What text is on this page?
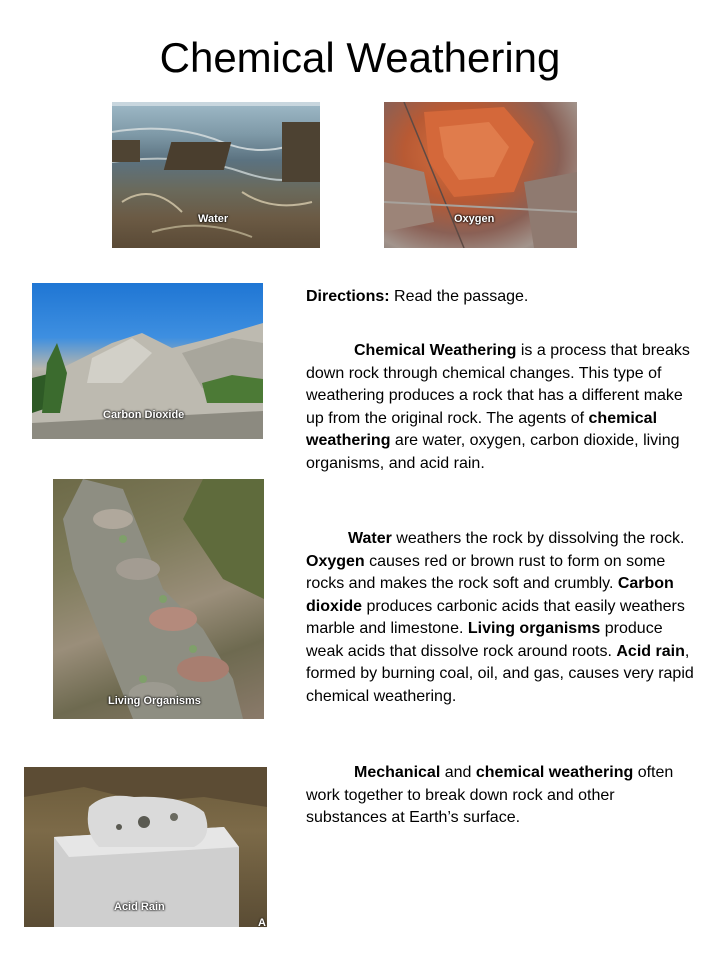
Chemical Weathering
Water	Oxygen
Carbon Dioxide
Living Organisms
Acid Rain
A

Directions: Read the passage.

Chemical Weathering is a process that breaks down rock through chemical changes. This type of weathering produces a rock that has a different make up from the original rock. The agents of chemical weathering are water, oxygen, carbon dioxide, living organisms, and acid rain.

Water weathers the rock by dissolving the rock. Oxygen causes red or brown rust to form on some rocks and makes the rock soft and crumbly. Carbon dioxide produces carbonic acids that easily weathers marble and limestone. Living organisms produce weak acids that dissolve rock around roots. Acid rain, formed by burning coal, oil, and gas, causes very rapid chemical weathering.

Mechanical and chemical weathering often work together to break down rock and other substances at Earth’s surface.
